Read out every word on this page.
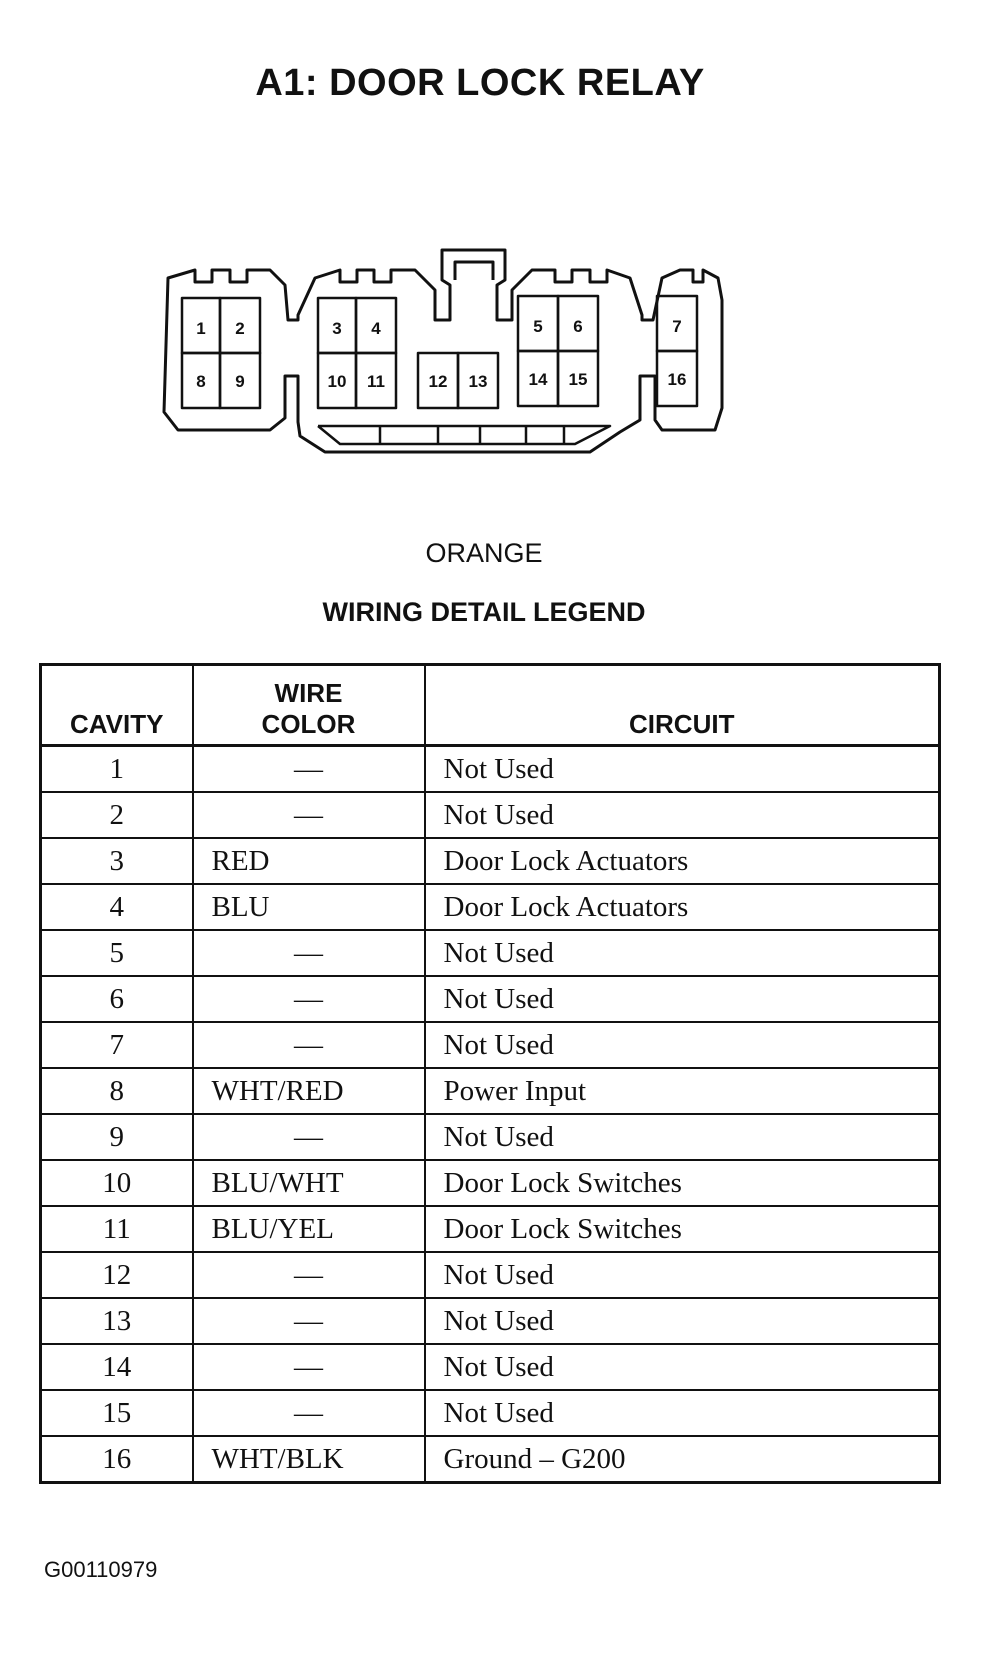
A1: DOOR LOCK RELAY
1 2	3 4	5 6	7
8 9	10 11	12 13 14 15	16
ORANGE
WIRING DETAIL LEGEND
CAVITY	WIRE COLOR	CIRCUIT
1	—	Not Used
2	—	Not Used
3	RED	Door Lock Actuators
4	BLU	Door Lock Actuators
5	—	Not Used
6	—	Not Used
7	—	Not Used
8	WHT/RED	Power Input
9	—	Not Used
10	BLU/WHT	Door Lock Switches
11	BLU/YEL	Door Lock Switches
12	—	Not Used
13	—	Not Used
14	—	Not Used
15	—	Not Used
16	WHT/BLK	Ground – G200
G00110979
